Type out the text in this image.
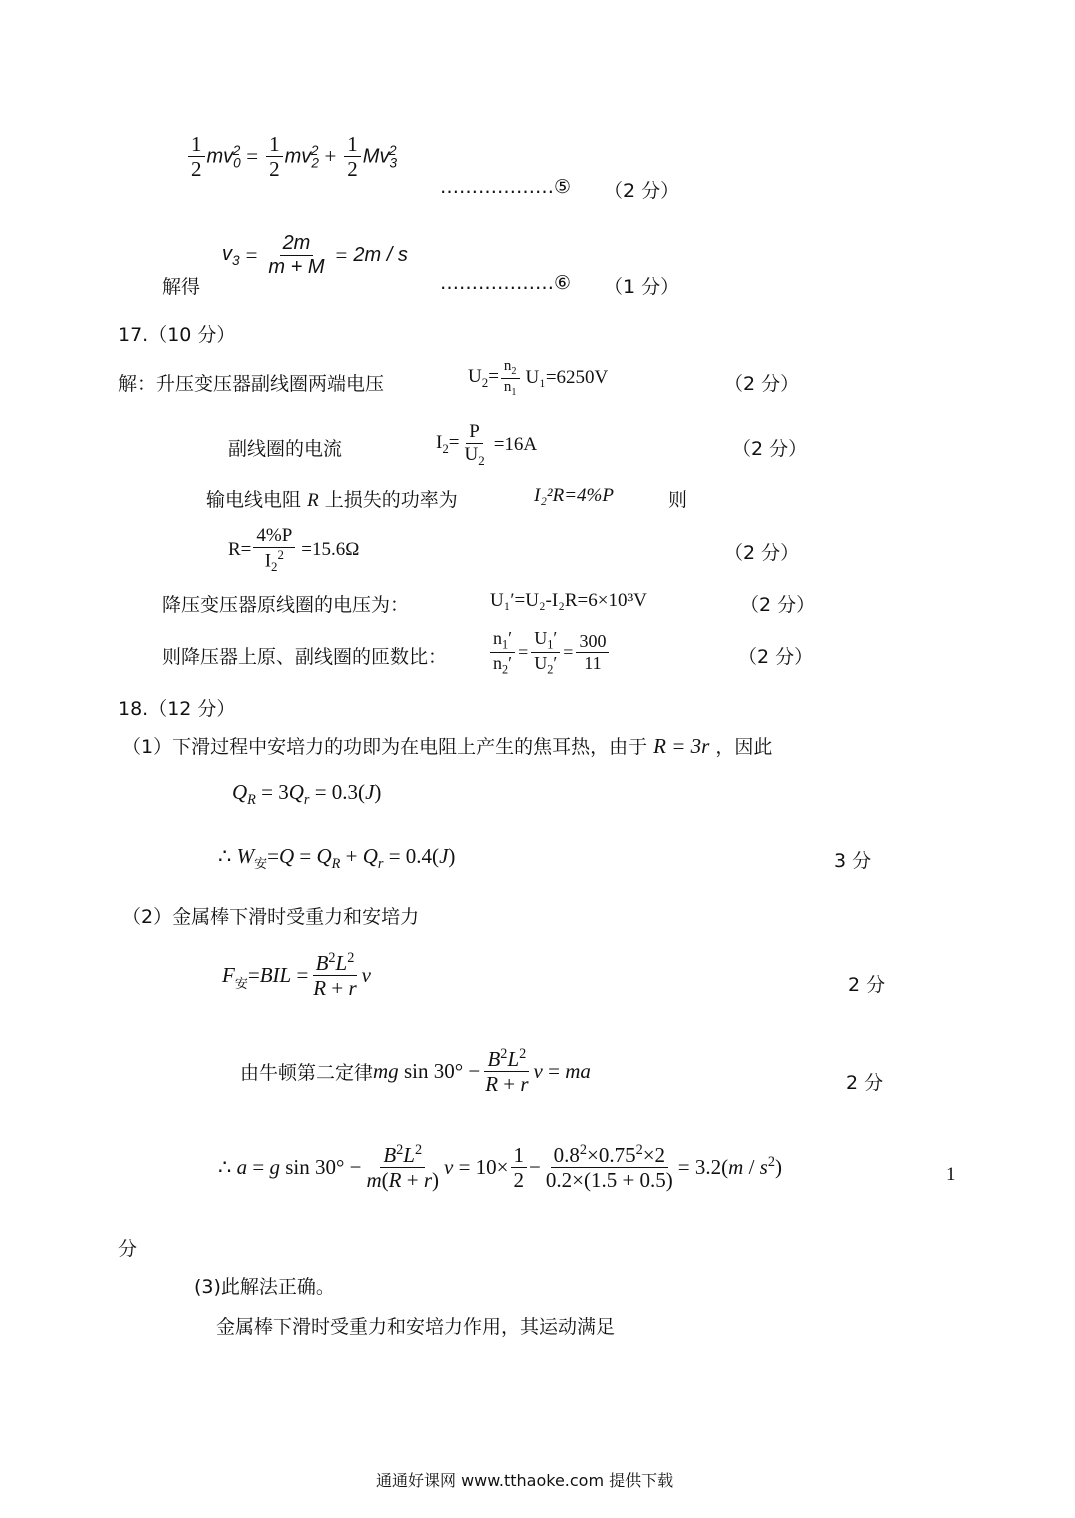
$\frac{1}{2} mv_0^2 = \frac{1}{2} mv_2^2 + \frac{1}{2} Mv_3^2$
………………⑤ （2 分）
解得
$v_3 = \frac{2m}{m + M} = 2m / s$
………………⑥ （1 分）
17.（10 分）
解：升压变压器副线圈两端电压	$U_2= \frac{n_2}{n_1} U_1=6250V$	（2 分）
副线圈的电流	$I_2= \frac{P}{U_2} =16A$	（2 分）
输电线电阻 R 上损失的功率为	I₂²R=4%P	则
$R= \frac{4\%P}{I_2^2} =15.6\Omega$	（2 分）
降压变压器原线圈的电压为：	U₁′=U₂-I₂R=6×10³V	（2 分）
则降压器上原、副线圈的匝数比： $\frac{n_1'}{n_2'} = \frac{U_1'}{U_2'} = \frac{300}{11}$	（2 分）
18.（12 分）
（1）下滑过程中安培力的功即为在电阻上产生的焦耳热，由于 R = 3r ，因此
$Q_R = 3Q_r = 0.3(J)$
∴ $W_安=Q = Q_R + Q_r = 0.4(J)$	3 分
（2）金属棒下滑时受重力和安培力
$F_安 =BIL = \frac{B^2L^2}{R + r}$ v	2 分
由牛顿第二定律 mg $\sin 30^\circ - \frac{B^2L^2}{R + r}$ v = ma
2 分
∴ a = g $\sin 30^\circ - \frac{B^2L^2}{m(R + r)}$ $v = 10\times \frac{1}{2} - \frac{0.8^2\times 0.75^2\times 2}{0.2\times(1.5 + 0.5)} = 3.2(m / s^2)$	1
分
(3)此解法正确。
金属棒下滑时受重力和安培力作用，其运动满足
通通好课网 www.tthaoke.com 提供下载
